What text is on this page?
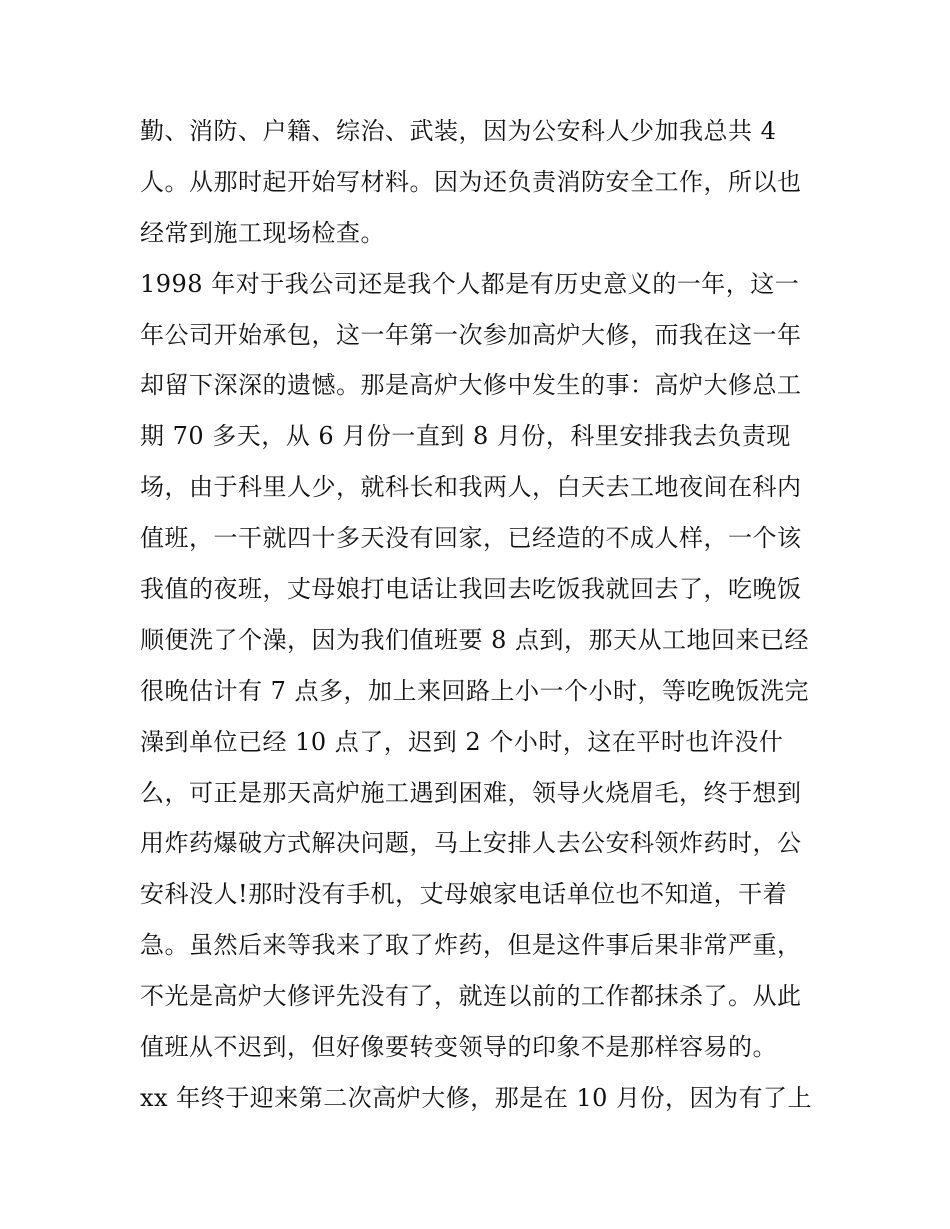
勤、消防、户籍、综治、武装，因为公安科人少加我总共 4
人。从那时起开始写材料。因为还负责消防安全工作，所以也
经常到施工现场检查。
1998 年对于我公司还是我个人都是有历史意义的一年，这一
年公司开始承包，这一年第一次参加高炉大修，而我在这一年
却留下深深的遗憾。那是高炉大修中发生的事：高炉大修总工
期 70 多天，从 6 月份一直到 8 月份，科里安排我去负责现
场，由于科里人少，就科长和我两人，白天去工地夜间在科内
值班，一干就四十多天没有回家，已经造的不成人样，一个该
我值的夜班，丈母娘打电话让我回去吃饭我就回去了，吃晚饭
顺便洗了个澡，因为我们值班要 8 点到，那天从工地回来已经
很晚估计有 7 点多，加上来回路上小一个小时，等吃晚饭洗完
澡到单位已经 10 点了，迟到 2 个小时，这在平时也许没什
么，可正是那天高炉施工遇到困难，领导火烧眉毛，终于想到
用炸药爆破方式解决问题，马上安排人去公安科领炸药时，公
安科没人!那时没有手机，丈母娘家电话单位也不知道，干着
急。虽然后来等我来了取了炸药，但是这件事后果非常严重，
不光是高炉大修评先没有了，就连以前的工作都抹杀了。从此
值班从不迟到，但好像要转变领导的印象不是那样容易的。
xx 年终于迎来第二次高炉大修，那是在 10 月份，因为有了上
